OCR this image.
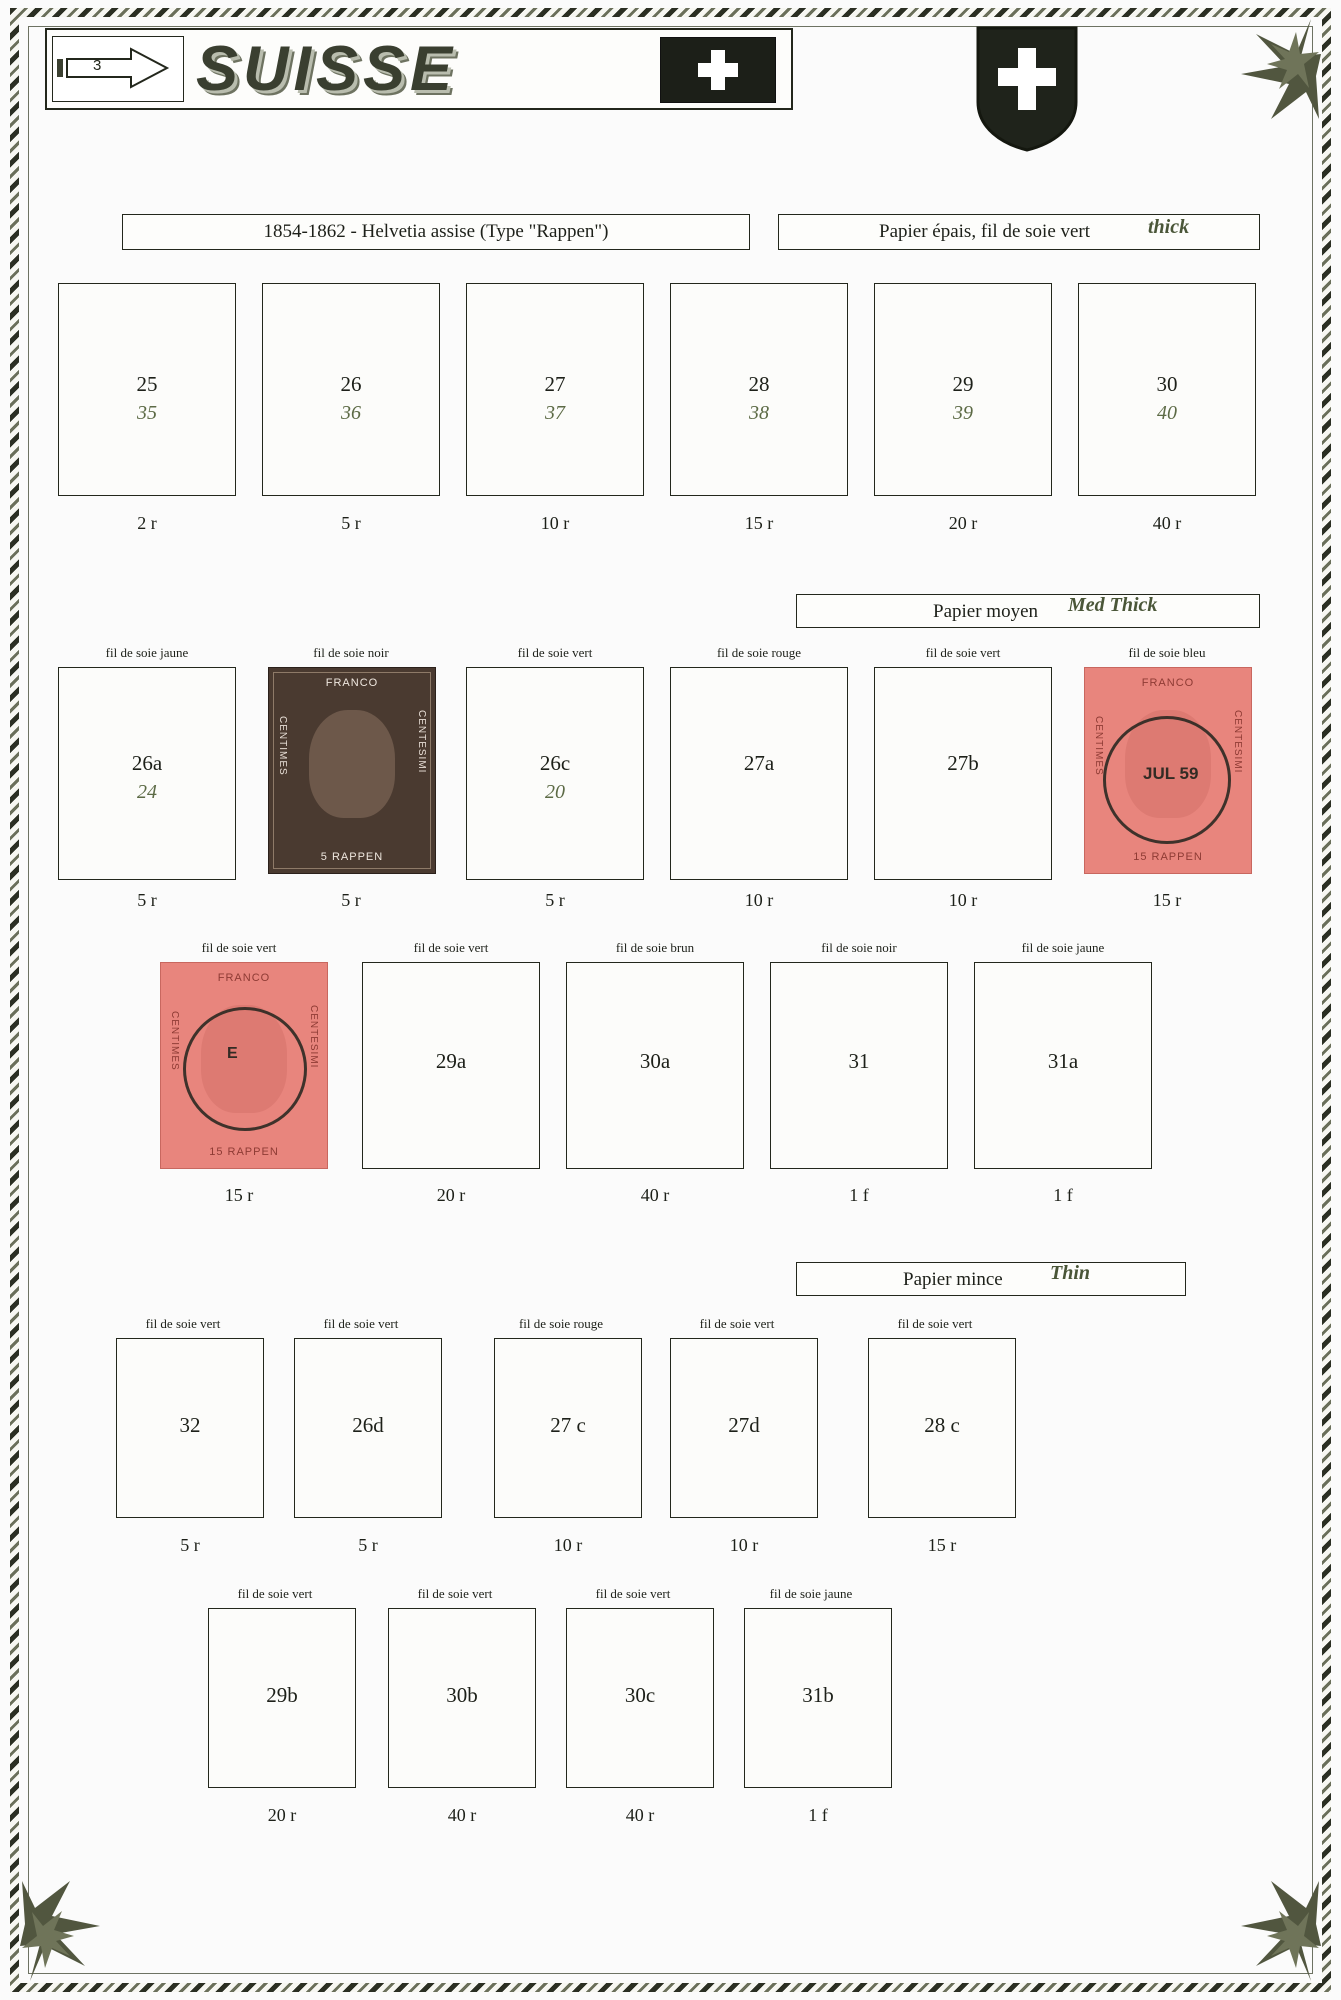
3 SUISSE
1854-1862 - Helvetia assise (Type "Rappen")	Papier épais, fil de soie vert	thick
25
35
2 r
26
36
5 r
27
37
10 r
28
38
15 r
29
39
20 r
30
40
40 r
Papier moyen	Med Thick
fil de soie jaune
26a
24
5 r
fil de soie noir
FRANCO
CENTIMES	CENTESIMI
5 RAPPEN
5 r
fil de soie vert
26c
20
5 r
fil de soie rouge
27a
10 r
fil de soie vert
27b
10 r
fil de soie bleu
FRANCO
CENTIMES	CENTESIMI
15 RAPPEN
JUL 59
15 r
fil de soie vert
FRANCO
CENTIMES	CENTESIMI
15 RAPPEN
E
15 r
fil de soie vert
29a
20 r
fil de soie brun
30a
40 r
fil de soie noir
31
1 f
fil de soie jaune
31a
1 f
Papier mince	Thin
fil de soie vert
32
5 r
fil de soie vert
26d
5 r
fil de soie rouge
27 c
10 r
fil de soie vert
27d
10 r
fil de soie vert
28 c
15 r
fil de soie vert
29b
20 r
fil de soie vert
30b
40 r
fil de soie vert
30c
40 r
fil de soie jaune
31b
1 f
